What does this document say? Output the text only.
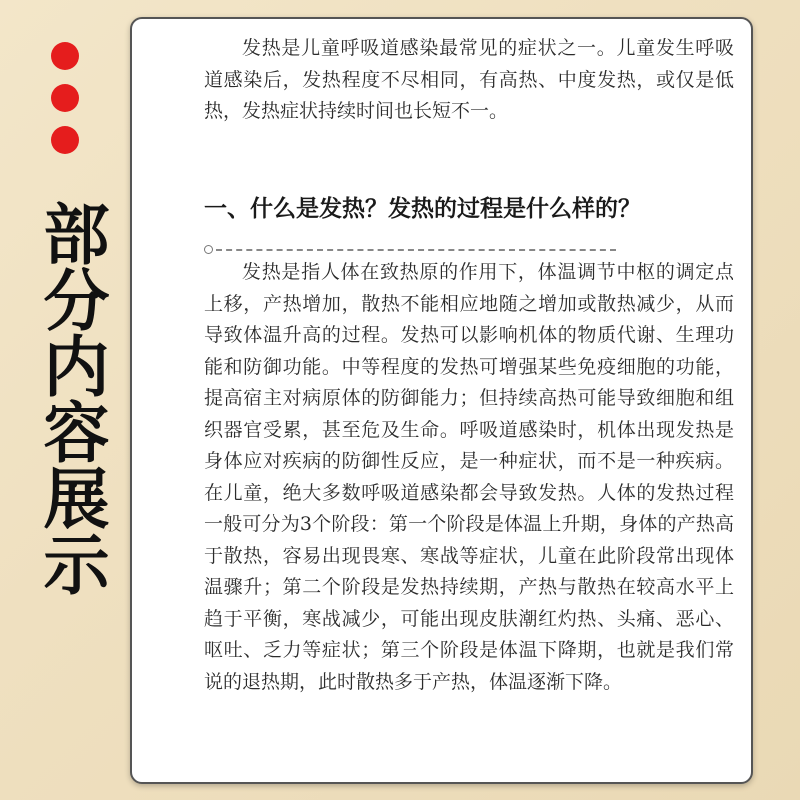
部分内容展示

发热是儿童呼吸道感染最常见的症状之一。儿童发生呼吸道感染后，发热程度不尽相同，有高热、中度发热，或仅是低热，发热症状持续时间也长短不一。

一、什么是发热？发热的过程是什么样的？

发热是指人体在致热原的作用下，体温调节中枢的调定点上移，产热增加，散热不能相应地随之增加或散热减少，从而导致体温升高的过程。发热可以影响机体的物质代谢、生理功能和防御功能。中等程度的发热可增强某些免疫细胞的功能，提高宿主对病原体的防御能力；但持续高热可能导致细胞和组织器官受累，甚至危及生命。呼吸道感染时，机体出现发热是身体应对疾病的防御性反应，是一种症状，而不是一种疾病。在儿童，绝大多数呼吸道感染都会导致发热。人体的发热过程一般可分为3个阶段：第一个阶段是体温上升期，身体的产热高于散热，容易出现畏寒、寒战等症状，儿童在此阶段常出现体温骤升；第二个阶段是发热持续期，产热与散热在较高水平上趋于平衡，寒战减少，可能出现皮肤潮红灼热、头痛、恶心、呕吐、乏力等症状；第三个阶段是体温下降期，也就是我们常说的退热期，此时散热多于产热，体温逐渐下降。
